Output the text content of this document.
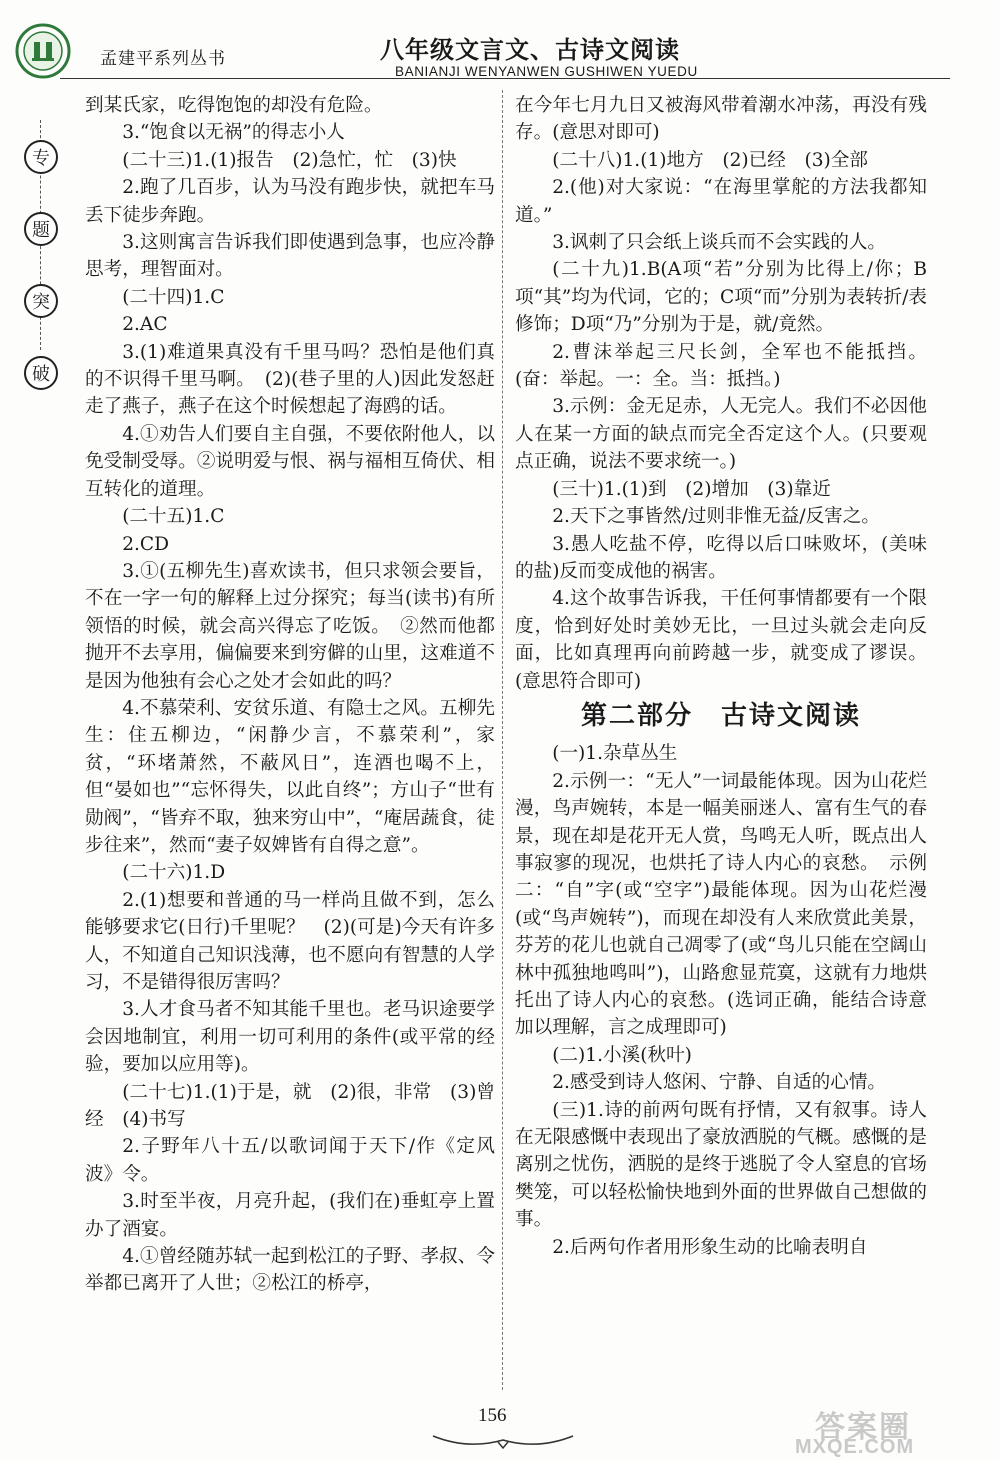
孟建平系列丛书	八年级文言文、古诗文阅读
BANIANJI WENYANWEN GUSHIWEN YUEDU
专
题
突
破

到某氏家，吃得饱饱的却没有危险。

3.“饱食以无祸”的得志小人

(二十三)1.(1)报告　(2)急忙，忙　(3)快

2.跑了几百步，认为马没有跑步快，就把车马丢下徒步奔跑。

3.这则寓言告诉我们即使遇到急事，也应冷静思考，理智面对。

(二十四)1.C

2.AC

3.(1)难道果真没有千里马吗？恐怕是他们真的不识得千里马啊。　(2)(巷子里的人)因此发怒赶走了燕子，燕子在这个时候想起了海鸥的话。

4.①劝告人们要自主自强，不要依附他人，以免受制受辱。②说明爱与恨、祸与福相互倚伏、相互转化的道理。

(二十五)1.C

2.CD

3.①(五柳先生)喜欢读书，但只求领会要旨，不在一字一句的解释上过分探究；每当(读书)有所领悟的时候，就会高兴得忘了吃饭。　②然而他都抛开不去享用，偏偏要来到穷僻的山里，这难道不是因为他独有会心之处才会如此的吗？

4.不慕荣利、安贫乐道、有隐士之风。五柳先生：住五柳边，“闲静少言，不慕荣利”，家贫，“环堵萧然，不蔽风日”，连酒也喝不上，但“晏如也”“忘怀得失，以此自终”；方山子“世有勋阀”，“皆弃不取，独来穷山中”，“庵居蔬食，徒步往来”，然而“妻子奴婢皆有自得之意”。

(二十六)1.D

2.(1)想要和普通的马一样尚且做不到，怎么能够要求它(日行)千里呢？　(2)(可是)今天有许多人，不知道自己知识浅薄，也不愿向有智慧的人学习，不是错得很厉害吗？

3.人才食马者不知其能千里也。老马识途要学会因地制宜，利用一切可利用的条件(或平常的经验，要加以应用等)。

(二十七)1.(1)于是，就　(2)很，非常　(3)曾经　(4)书写

2.子野年八十五/以歌词闻于天下/作《定风波》令。

3.时至半夜，月亮升起，(我们在)垂虹亭上置办了酒宴。

4.①曾经随苏轼一起到松江的子野、孝叔、令举都已离开了人世；②松江的桥亭，

在今年七月九日又被海风带着潮水冲荡，再没有残存。(意思对即可)

(二十八)1.(1)地方　(2)已经　(3)全部

2.(他)对大家说：“在海里掌舵的方法我都知道。”

3.讽刺了只会纸上谈兵而不会实践的人。

(二十九)1.B(A项“若”分别为比得上/你；B项“其”均为代词，它的；C项“而”分别为表转折/表修饰；D项“乃”分别为于是，就/竟然。

2.曹沫举起三尺长剑，全军也不能抵挡。(奋：举起。一：全。当：抵挡。)

3.示例：金无足赤，人无完人。我们不必因他人在某一方面的缺点而完全否定这个人。(只要观点正确，说法不要求统一。)

(三十)1.(1)到　(2)增加　(3)靠近

2.天下之事皆然/过则非惟无益/反害之。

3.愚人吃盐不停，吃得以后口味败坏，(美味的盐)反而变成他的祸害。

4.这个故事告诉我，干任何事情都要有一个限度，恰到好处时美妙无比，一旦过头就会走向反面，比如真理再向前跨越一步，就变成了谬误。(意思符合即可)

第二部分　古诗文阅读

(一)1.杂草丛生

2.示例一：“无人”一词最能体现。因为山花烂漫，鸟声婉转，本是一幅美丽迷人、富有生气的春景，现在却是花开无人赏，鸟鸣无人听，既点出人事寂寥的现况，也烘托了诗人内心的哀愁。　示例二：“自”字(或“空字”)最能体现。因为山花烂漫(或“鸟声婉转”)，而现在却没有人来欣赏此美景，芬芳的花儿也就自己凋零了(或“鸟儿只能在空阔山林中孤独地鸣叫”)，山路愈显荒寞，这就有力地烘托出了诗人内心的哀愁。(选词正确，能结合诗意加以理解，言之成理即可)

(二)1.小溪(秋叶)

2.感受到诗人悠闲、宁静、自适的心情。

(三)1.诗的前两句既有抒情，又有叙事。诗人在无限感慨中表现出了豪放洒脱的气概。感慨的是离别之忧伤，洒脱的是终于逃脱了令人窒息的官场樊笼，可以轻松愉快地到外面的世界做自己想做的事。

2.后两句作者用形象生动的比喻表明自

156	答案圈
MXQE.COM
